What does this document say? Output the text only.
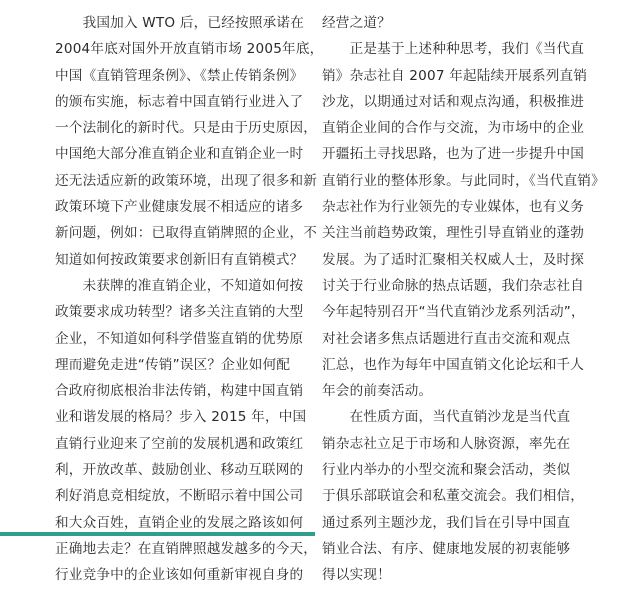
　　我国加入 WTO 后，已经按照承诺在
2004年底对国外开放直销市场 2005年底，
中国《直销管理条例》、《禁止传销条例》
的颁布实施，标志着中国直销行业进入了
一个法制化的新时代。只是由于历史原因，
中国绝大部分准直销企业和直销企业一时
还无法适应新的政策环境，出现了很多和新
政策环境下产业健康发展不相适应的诸多
新问题，例如：已取得直销牌照的企业，不
知道如何按政策要求创新旧有直销模式？
　　未获牌的准直销企业，不知道如何按
政策要求成功转型？诸多关注直销的大型
企业，不知道如何科学借鉴直销的优势原
理而避免走进“传销”误区？企业如何配
合政府彻底根治非法传销，构建中国直销
业和谐发展的格局？步入 2015 年，中国
直销行业迎来了空前的发展机遇和政策红
利，开放改革、鼓励创业、移动互联网的
利好消息竞相绽放，不断昭示着中国公司
和大众百姓，直销企业的发展之路该如何
正确地去走？在直销牌照越发越多的今天，
行业竞争中的企业该如何重新审视自身的
经营之道？
　　正是基于上述种种思考，我们《当代直
销》杂志社自 2007 年起陆续开展系列直销
沙龙，以期通过对话和观点沟通，积极推进
直销企业间的合作与交流，为市场中的企业
开疆拓土寻找思路，也为了进一步提升中国
直销行业的整体形象。与此同时，《当代直销》
杂志社作为行业领先的专业媒体，也有义务
关注当前趋势政策，理性引导直销业的蓬勃
发展。为了适时汇聚相关权威人士，及时探
讨关于行业命脉的热点话题，我们杂志社自
今年起特别召开“当代直销沙龙系列活动”，
对社会诸多焦点话题进行直击交流和观点
汇总，也作为每年中国直销文化论坛和千人
年会的前奏活动。
　　在性质方面，当代直销沙龙是当代直
销杂志社立足于市场和人脉资源，率先在
行业内举办的小型交流和聚会活动，类似
于俱乐部联谊会和私董交流会。我们相信，
通过系列主题沙龙，我们旨在引导中国直
销业合法、有序、健康地发展的初衷能够
得以实现！
